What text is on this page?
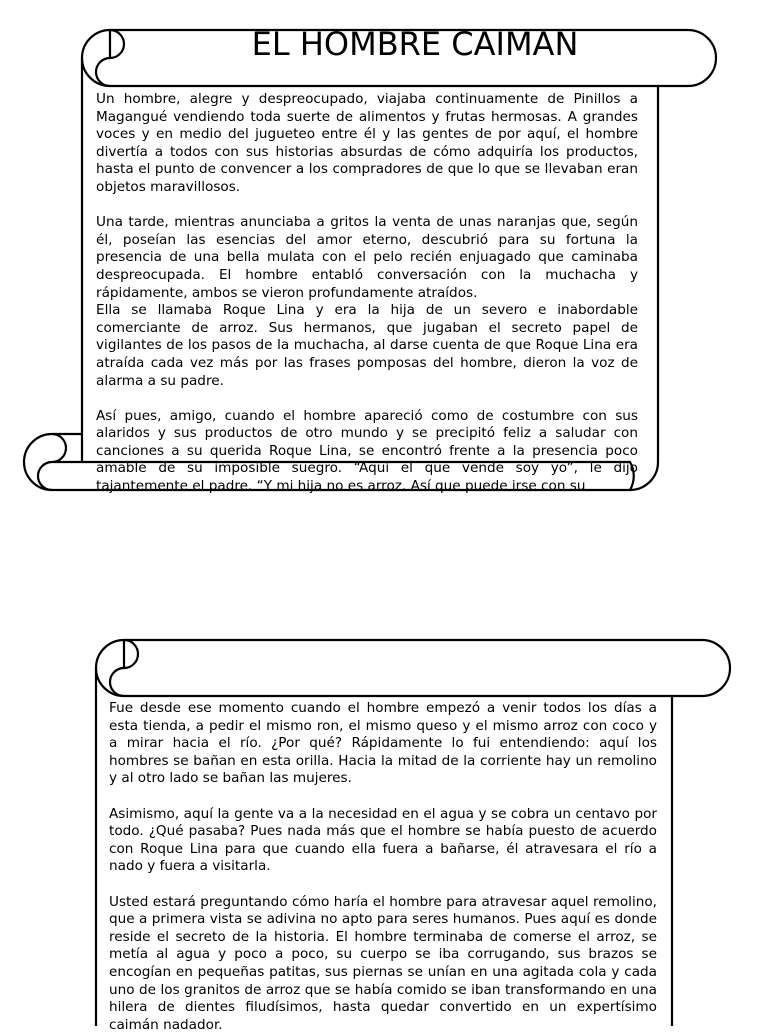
EL HOMBRE CAIMAN

Un hombre, alegre y despreocupado, viajaba continuamente de Pinillos a Magangué vendiendo toda suerte de alimentos y frutas hermosas. A grandes voces y en medio del jugueteo entre él y las gentes de por aquí, el hombre divertía a todos con sus historias absurdas de cómo adquiría los productos, hasta el punto de convencer a los compradores de que lo que se llevaban eran objetos maravillosos.

Una tarde, mientras anunciaba a gritos la venta de unas naranjas que, según él, poseían las esencias del amor eterno, descubrió para su fortuna la presencia de una bella mulata con el pelo recién enjuagado que caminaba despreocupada. El hombre entabló conversación con la muchacha y rápidamente, ambos se vieron profundamente atraídos.

Ella se llamaba Roque Lina y era la hija de un severo e inabordable comerciante de arroz. Sus hermanos, que jugaban el secreto papel de vigilantes de los pasos de la muchacha, al darse cuenta de que Roque Lina era atraída cada vez más por las frases pomposas del hombre, dieron la voz de alarma a su padre.

Así pues, amigo, cuando el hombre apareció como de costumbre con sus alaridos y sus productos de otro mundo y se precipitó feliz a saludar con canciones a su querida Roque Lina, se encontró frente a la presencia poco amable de su imposible suegro. “Aquí el que vende soy yo”, le dijo tajantemente el padre. “Y mi hija no es arroz. Así que puede irse con su

Fue desde ese momento cuando el hombre empezó a venir todos los días a esta tienda, a pedir el mismo ron, el mismo queso y el mismo arroz con coco y a mirar hacia el río. ¿Por qué? Rápidamente lo fui entendiendo: aquí los hombres se bañan en esta orilla. Hacia la mitad de la corriente hay un remolino y al otro lado se bañan las mujeres.

Asimismo, aquí la gente va a la necesidad en el agua y se cobra un centavo por todo. ¿Qué pasaba? Pues nada más que el hombre se había puesto de acuerdo con Roque Lina para que cuando ella fuera a bañarse, él atravesara el río a nado y fuera a visitarla.

Usted estará preguntando cómo haría el hombre para atravesar aquel remolino, que a primera vista se adivina no apto para seres humanos. Pues aquí es donde reside el secreto de la historia. El hombre terminaba de comerse el arroz, se metía al agua y poco a poco, su cuerpo se iba corrugando, sus brazos se encogían en pequeñas patitas, sus piernas se unían en una agitada cola y cada uno de los granitos de arroz que se había comido se iban transformando en una hilera de dientes filudísimos, hasta quedar convertido en un expertísimo caimán nadador.
